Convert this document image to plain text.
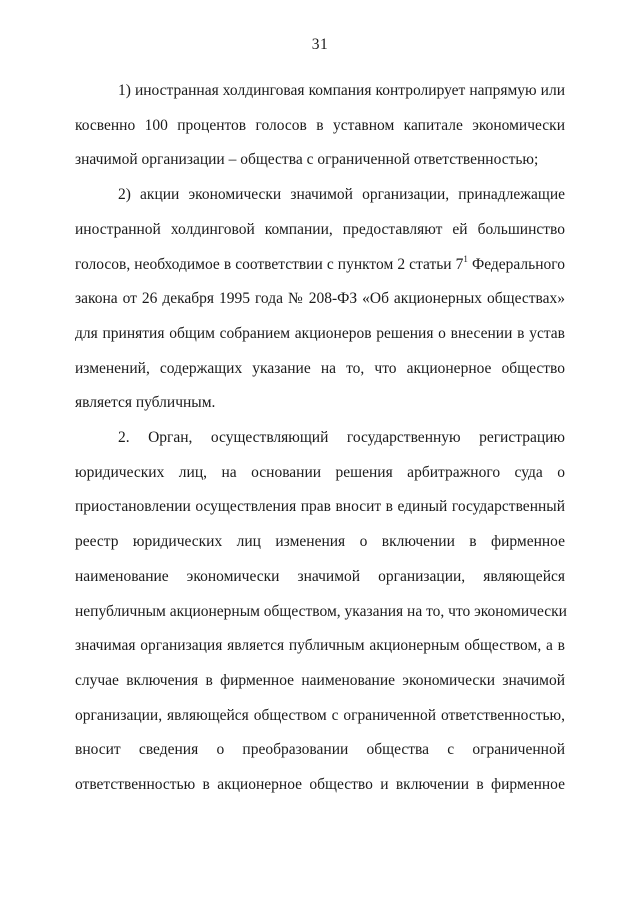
31

1) иностранная холдинговая компания контролирует напрямую или
косвенно 100 процентов голосов в уставном капитале экономически
значимой организации – общества с ограниченной ответственностью;

2) акции экономически значимой организации, принадлежащие
иностранной холдинговой компании, предоставляют ей большинство
голосов, необходимое в соответствии с пунктом 2 статьи $7^1$ Федерального
закона от 26 декабря 1995 года № 208-ФЗ «Об акционерных обществах»
для принятия общим собранием акционеров решения о внесении в устав
изменений, содержащих указание на то, что акционерное общество
является публичным.

2. Орган, осуществляющий государственную регистрацию
юридических лиц, на основании решения арбитражного суда о
приостановлении осуществления прав вносит в единый государственный
реестр юридических лиц изменения о включении в фирменное
наименование экономически значимой организации, являющейся
непубличным акционерным обществом, указания на то, что экономически
значимая организация является публичным акционерным обществом, а в
случае включения в фирменное наименование экономически значимой
организации, являющейся обществом с ограниченной ответственностью,
вносит сведения о преобразовании общества с ограниченной
ответственностью в акционерное общество и включении в фирменное
